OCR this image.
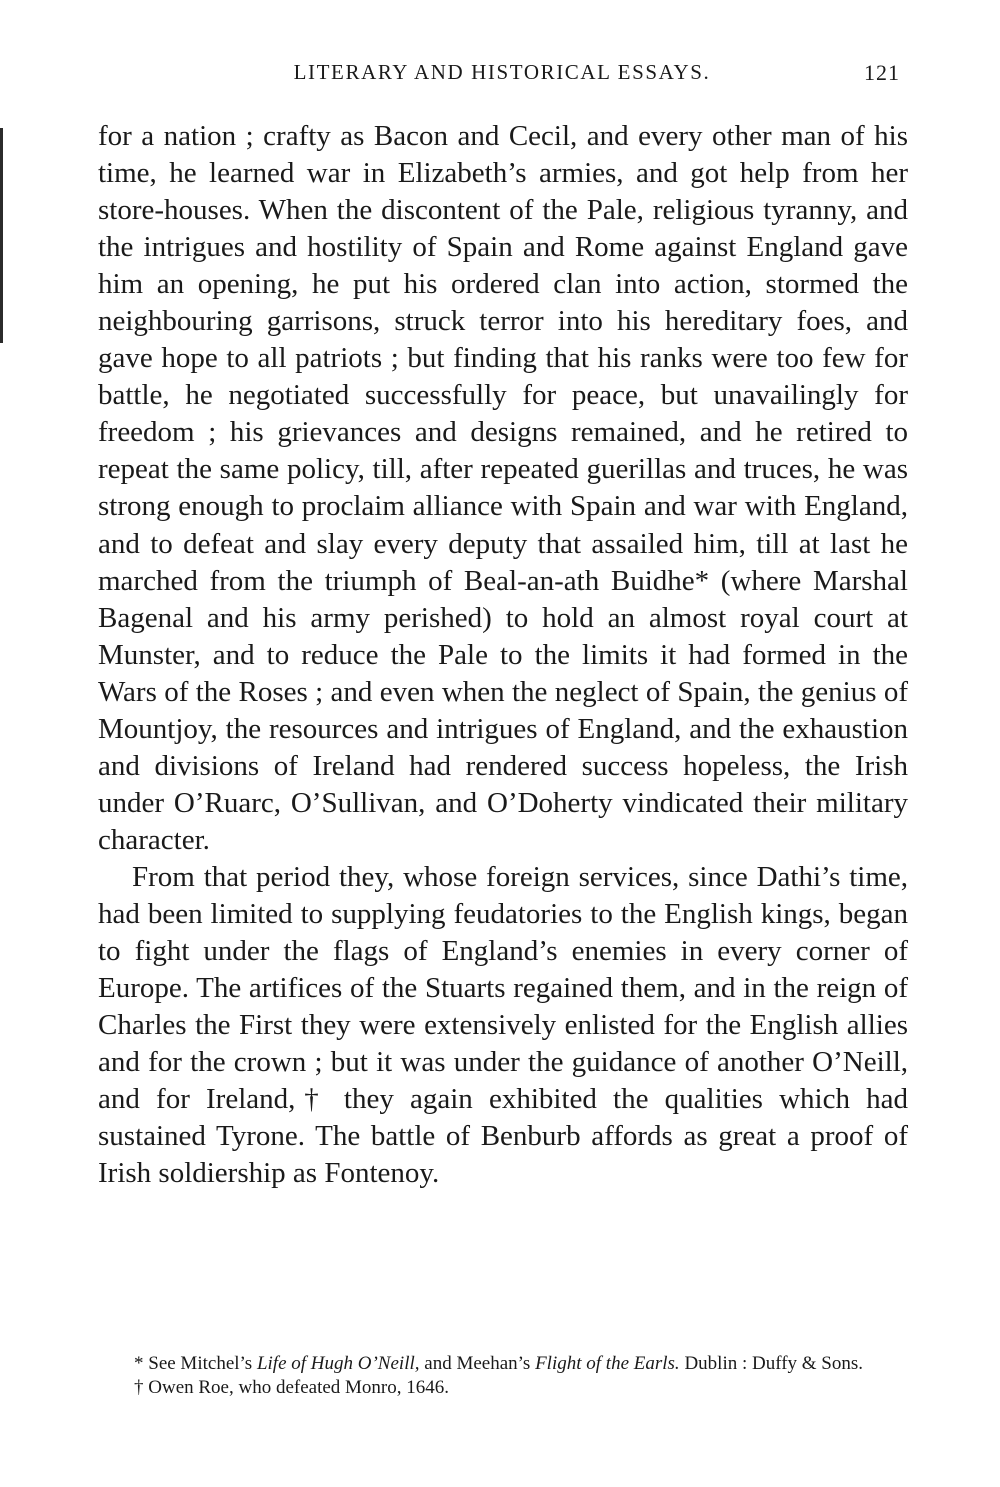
LITERARY AND HISTORICAL ESSAYS.	121

for a nation ; crafty as Bacon and Cecil, and every other man of his time, he learned war in Elizabeth’s armies, and got help from her store-houses. When the discontent of the Pale, religious tyranny, and the intrigues and hostility of Spain and Rome against England gave him an opening, he put his ordered clan into action, stormed the neighbouring garrisons, struck terror into his hereditary foes, and gave hope to all patriots ; but finding that his ranks were too few for battle, he negotiated successfully for peace, but unavailingly for freedom ; his grievances and designs remained, and he retired to repeat the same policy, till, after repeated guerillas and truces, he was strong enough to proclaim alliance with Spain and war with England, and to defeat and slay every deputy that assailed him, till at last he marched from the triumph of Beal-an-ath Buidhe* (where Marshal Bagenal and his army perished) to hold an almost royal court at Munster, and to reduce the Pale to the limits it had formed in the Wars of the Roses ; and even when the neglect of Spain, the genius of Mountjoy, the resources and intrigues of England, and the exhaustion and divisions of Ireland had rendered success hopeless, the Irish under O’Ruarc, O’Sullivan, and O’Doherty vindicated their military character.

From that period they, whose foreign services, since Dathi’s time, had been limited to supplying feudatories to the English kings, began to fight under the flags of England’s enemies in every corner of Europe. The artifices of the Stuarts regained them, and in the reign of Charles the First they were extensively enlisted for the English allies and for the crown ; but it was under the guidance of another O’Neill, and for Ireland,† they again exhibited the qualities which had sustained Tyrone. The battle of Benburb affords as great a proof of Irish soldiership as Fontenoy.

* See Mitchel’s Life of Hugh O’Neill, and Meehan’s Flight of the Earls. Dublin : Duffy & Sons.

† Owen Roe, who defeated Monro, 1646.
